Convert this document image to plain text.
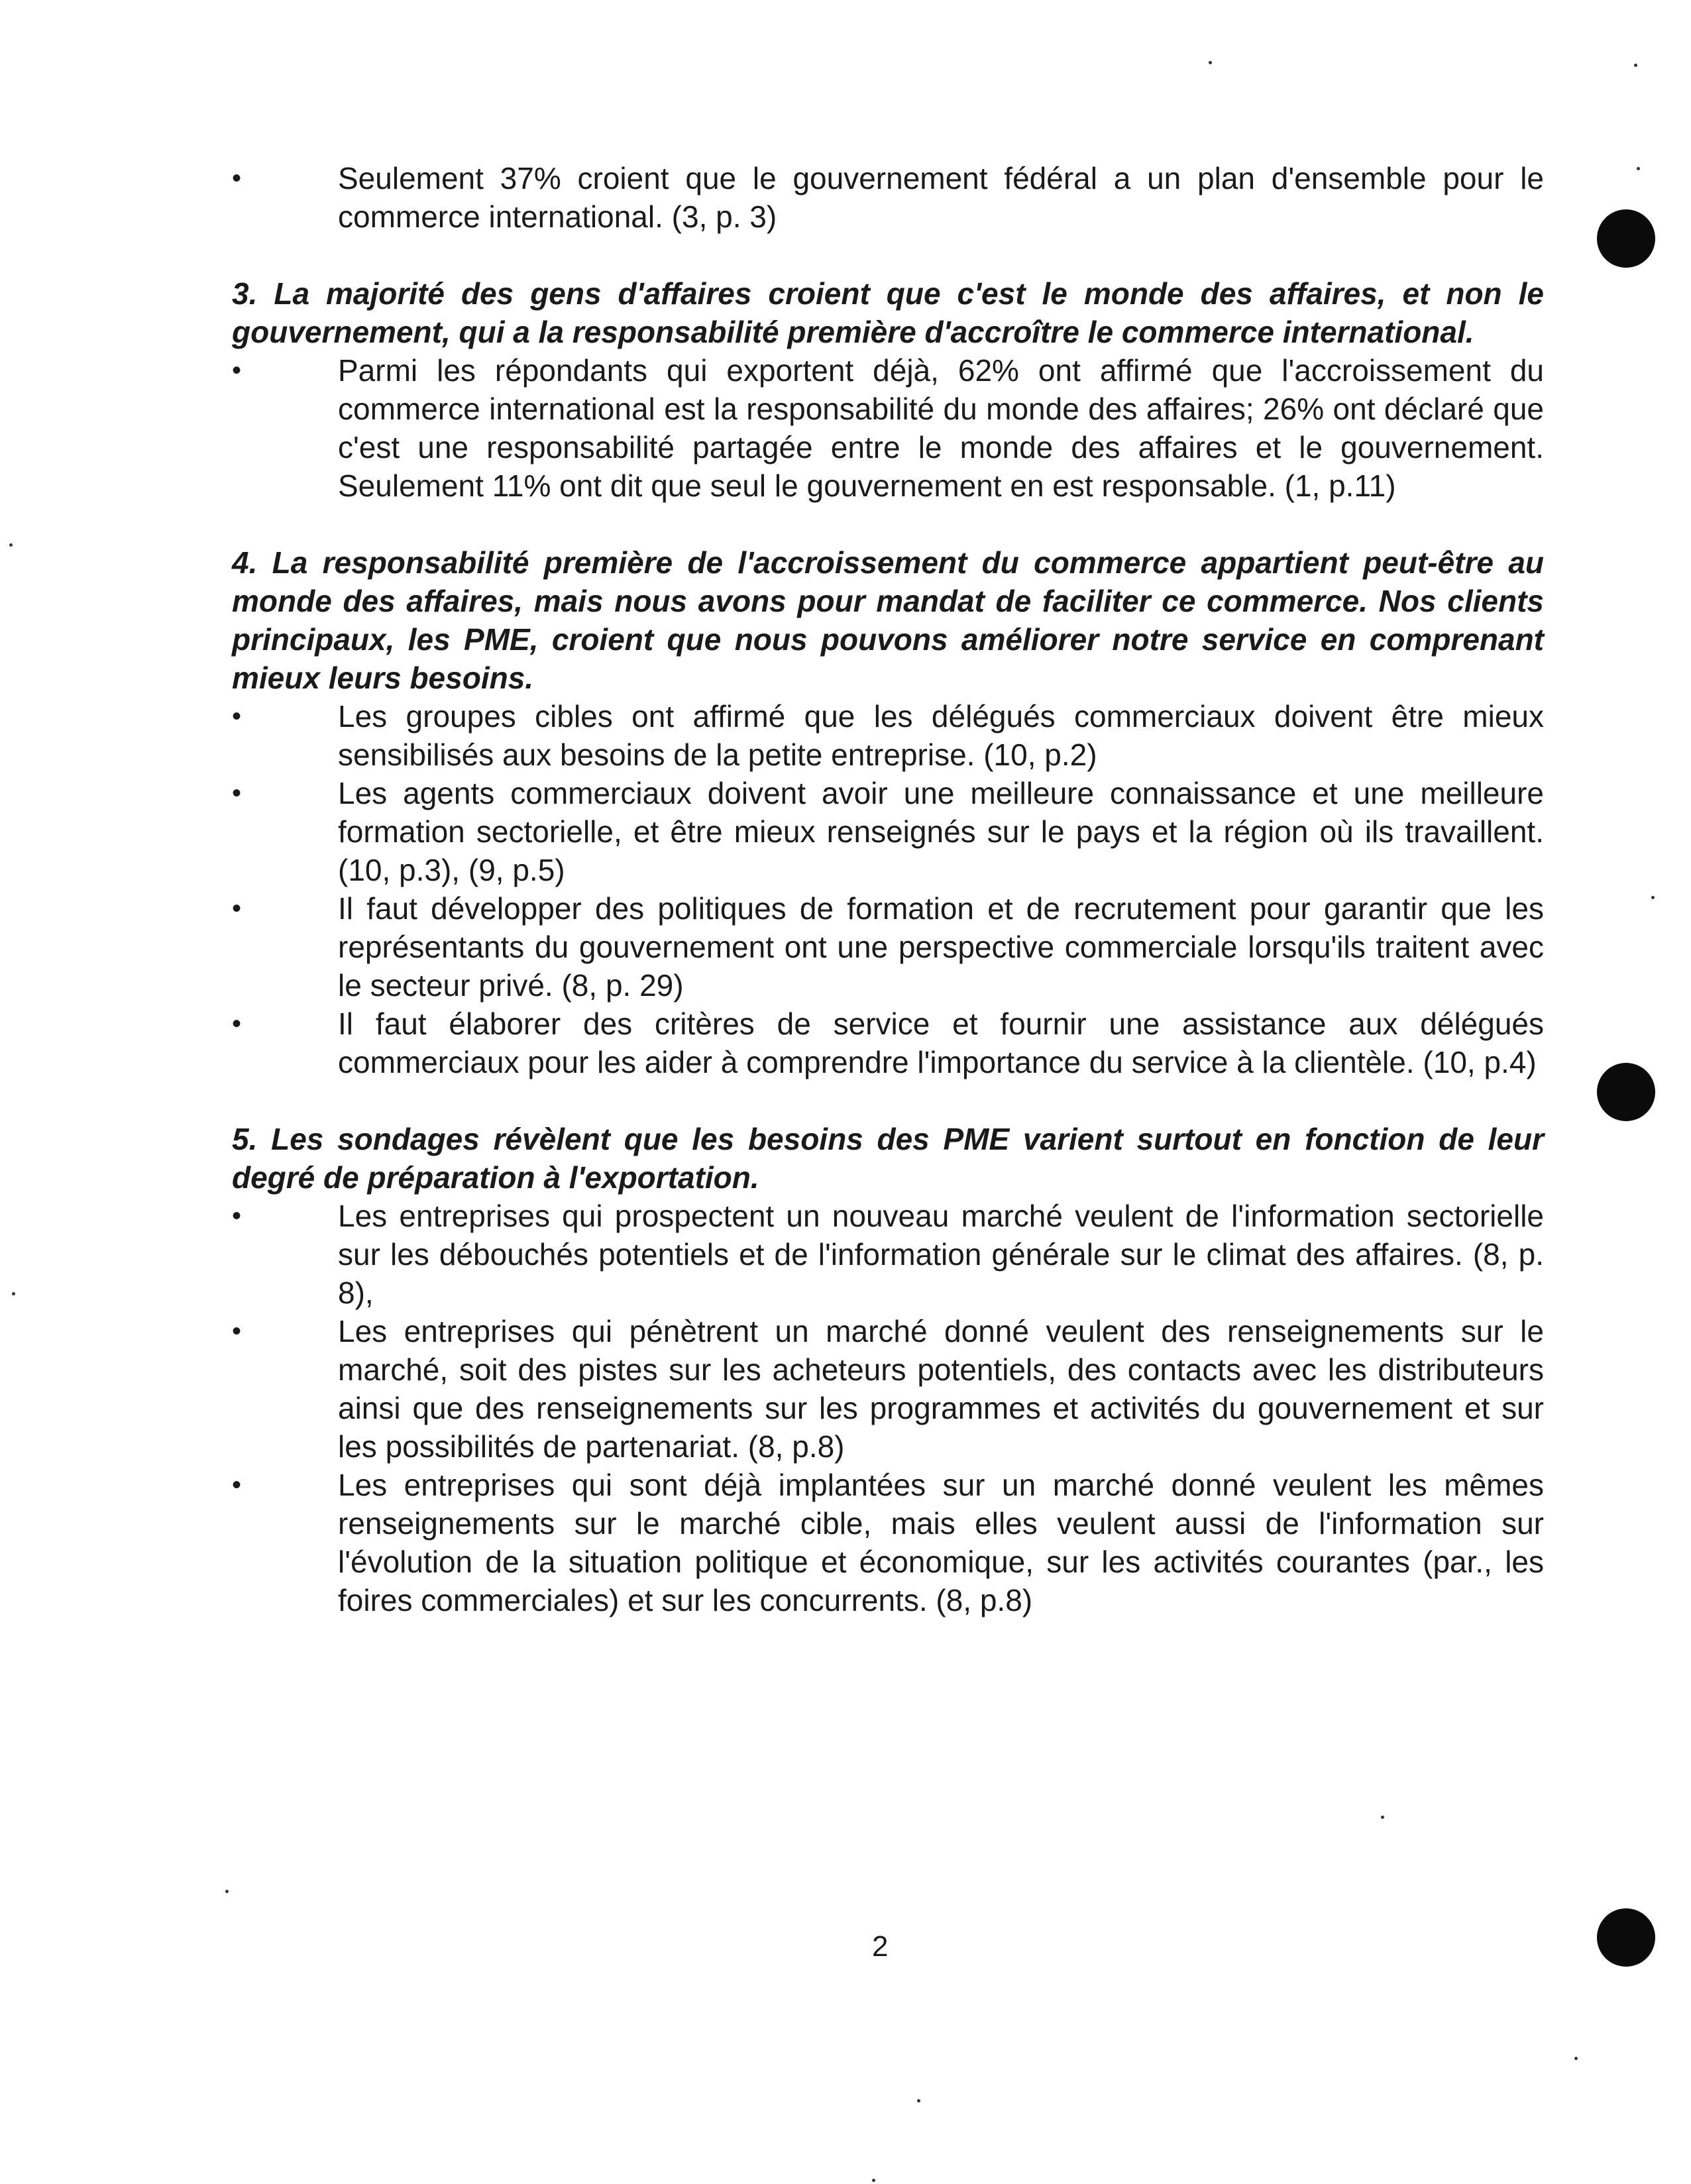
•	Seulement 37% croient que le gouvernement fédéral a un plan d'ensemble pour le commerce international. (3, p. 3)

3. La majorité des gens d'affaires croient que c'est le monde des affaires, et non le gouvernement, qui a la responsabilité première d'accroître le commerce international.

•	Parmi les répondants qui exportent déjà, 62% ont affirmé que l'accroissement du commerce international est la responsabilité du monde des affaires; 26% ont déclaré que c'est une responsabilité partagée entre le monde des affaires et le gouvernement. Seulement 11% ont dit que seul le gouvernement en est responsable. (1, p.11)

4. La responsabilité première de l'accroissement du commerce appartient peut-être au monde des affaires, mais nous avons pour mandat de faciliter ce commerce. Nos clients principaux, les PME, croient que nous pouvons améliorer notre service en comprenant mieux leurs besoins.

•	Les groupes cibles ont affirmé que les délégués commerciaux doivent être mieux sensibilisés aux besoins de la petite entreprise. (10, p.2)
•	Les agents commerciaux doivent avoir une meilleure connaissance et une meilleure formation sectorielle, et être mieux renseignés sur le pays et la région où ils travaillent. (10, p.3), (9, p.5)
•	Il faut développer des politiques de formation et de recrutement pour garantir que les représentants du gouvernement ont une perspective commerciale lorsqu'ils traitent avec le secteur privé. (8, p. 29)
•	Il faut élaborer des critères de service et fournir une assistance aux délégués commerciaux pour les aider à comprendre l'importance du service à la clientèle. (10, p.4)

5. Les sondages révèlent que les besoins des PME varient surtout en fonction de leur degré de préparation à l'exportation.

•	Les entreprises qui prospectent un nouveau marché veulent de l'information sectorielle sur les débouchés potentiels et de l'information générale sur le climat des affaires. (8, p. 8),
•	Les entreprises qui pénètrent un marché donné veulent des renseignements sur le marché, soit des pistes sur les acheteurs potentiels, des contacts avec les distributeurs ainsi que des renseignements sur les programmes et activités du gouvernement et sur les possibilités de partenariat. (8, p.8)
•	Les entreprises qui sont déjà implantées sur un marché donné veulent les mêmes renseignements sur le marché cible, mais elles veulent aussi de l'information sur l'évolution de la situation politique et économique, sur les activités courantes (par., les foires commerciales) et sur les concurrents. (8, p.8)
2
